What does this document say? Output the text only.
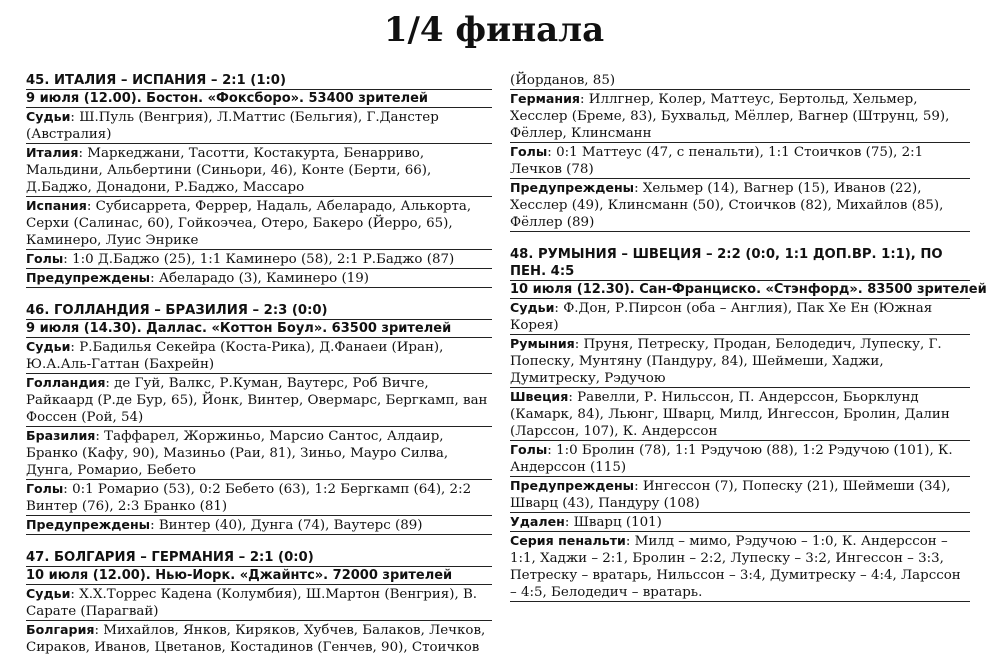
1/4 финала
45. ИТАЛИЯ – ИСПАНИЯ – 2:1 (1:0)
9 июля (12.00). Бостон. «Фоксборо». 53400 зрителей
Судьи: Ш.Пуль (Венгрия), Л.Маттис (Бельгия), Г.Данстер (Австралия)
Италия: Маркеджани, Тасотти, Костакурта, Бенарриво, Мальдини, Альбертини (Синьори, 46), Конте (Берти, 66), Д.Баджо, Донадони, Р.Баджо, Массаро
Испания: Субисаррета, Феррер, Надаль, Абеларадо, Алькорта, Серхи (Салинас, 60), Гойкоэчеа, Отеро, Бакеро (Йерро, 65), Каминеро, Луис Энрике
Голы: 1:0 Д.Баджо (25), 1:1 Каминеро (58), 2:1 Р.Баджо (87)
Предупреждены: Абеларадо (3), Каминеро (19)
46. ГОЛЛАНДИЯ – БРАЗИЛИЯ – 2:3 (0:0)
9 июля (14.30). Даллас. «Коттон Боул». 63500 зрителей
Судьи: Р.Бадилья Секейра (Коста-Рика), Д.Фанаеи (Иран), Ю.А.Аль-Гаттан (Бахрейн)
Голландия: де Гуй, Валкс, Р.Куман, Ваутерс, Роб Вичге, Райкаард (Р.де Бур, 65), Йонк, Винтер, Овермарс, Бергкамп, ван Фоссен (Рой, 54)
Бразилия: Таффарел, Жоржиньо, Марсио Сантос, Алдаир, Бранко (Кафу, 90), Мазиньо (Раи, 81), Зиньо, Мауро Силва, Дунга, Ромарио, Бебето
Голы: 0:1 Ромарио (53), 0:2 Бебето (63), 1:2 Бергкамп (64), 2:2 Винтер (76), 2:3 Бранко (81)
Предупреждены: Винтер (40), Дунга (74), Ваутерс (89)
47. БОЛГАРИЯ – ГЕРМАНИЯ – 2:1 (0:0)
10 июля (12.00). Нью-Иорк. «Джайнтс». 72000 зрителей
Судьи: Х.Х.Торрес Кадена (Колумбия), Ш.Мартон (Венгрия), В. Сарате (Парагвай)
Болгария: Михайлов, Янков, Киряков, Хубчев, Балаков, Лечков, Сираков, Иванов, Цветанов, Костадинов (Генчев, 90), Стоичков
(Йорданов, 85)
Германия: Иллгнер, Колер, Маттеус, Бертольд, Хельмер, Хесслер (Бреме, 83), Бухвальд, Мёллер, Вагнер (Штрунц, 59), Фёллер, Клинсманн
Голы: 0:1 Маттеус (47, с пенальти), 1:1 Стоичков (75), 2:1 Лечков (78)
Предупреждены: Хельмер (14), Вагнер (15), Иванов (22), Хесслер (49), Клинсманн (50), Стоичков (82), Михайлов (85), Фёллер (89)
48. РУМЫНИЯ – ШВЕЦИЯ – 2:2 (0:0, 1:1 ДОП.ВР. 1:1), ПО ПЕН. 4:5
10 июля (12.30). Сан-Франциско. «Стэнфорд». 83500 зрителей
Судьи: Ф.Дон, Р.Пирсон (оба – Англия), Пак Хе Ен (Южная Корея)
Румыния: Пруня, Петреску, Продан, Белодедич, Лупеску, Г. Попеску, Мунтяну (Пандуру, 84), Шеймеши, Хаджи, Думитреску, Рэдучою
Швеция: Равелли, Р. Нильссон, П. Андерссон, Бьорклунд (Камарк, 84), Льюнг, Шварц, Милд, Ингессон, Бролин, Далин (Ларссон, 107), К. Андерссон
Голы: 1:0 Бролин (78), 1:1 Рэдучою (88), 1:2 Рэдучою (101), К. Андерссон (115)
Предупреждены: Ингессон (7), Попеску (21), Шеймеши (34), Шварц (43), Пандуру (108)
Удален: Шварц (101)
Серия пенальти: Милд – мимо, Рэдучою – 1:0, К. Андерссон – 1:1, Хаджи – 2:1, Бролин – 2:2, Лупеску – 3:2, Ингессон – 3:3, Петреску – вратарь, Нильссон – 3:4, Думитреску – 4:4, Ларссон – 4:5, Белодедич – вратарь.
